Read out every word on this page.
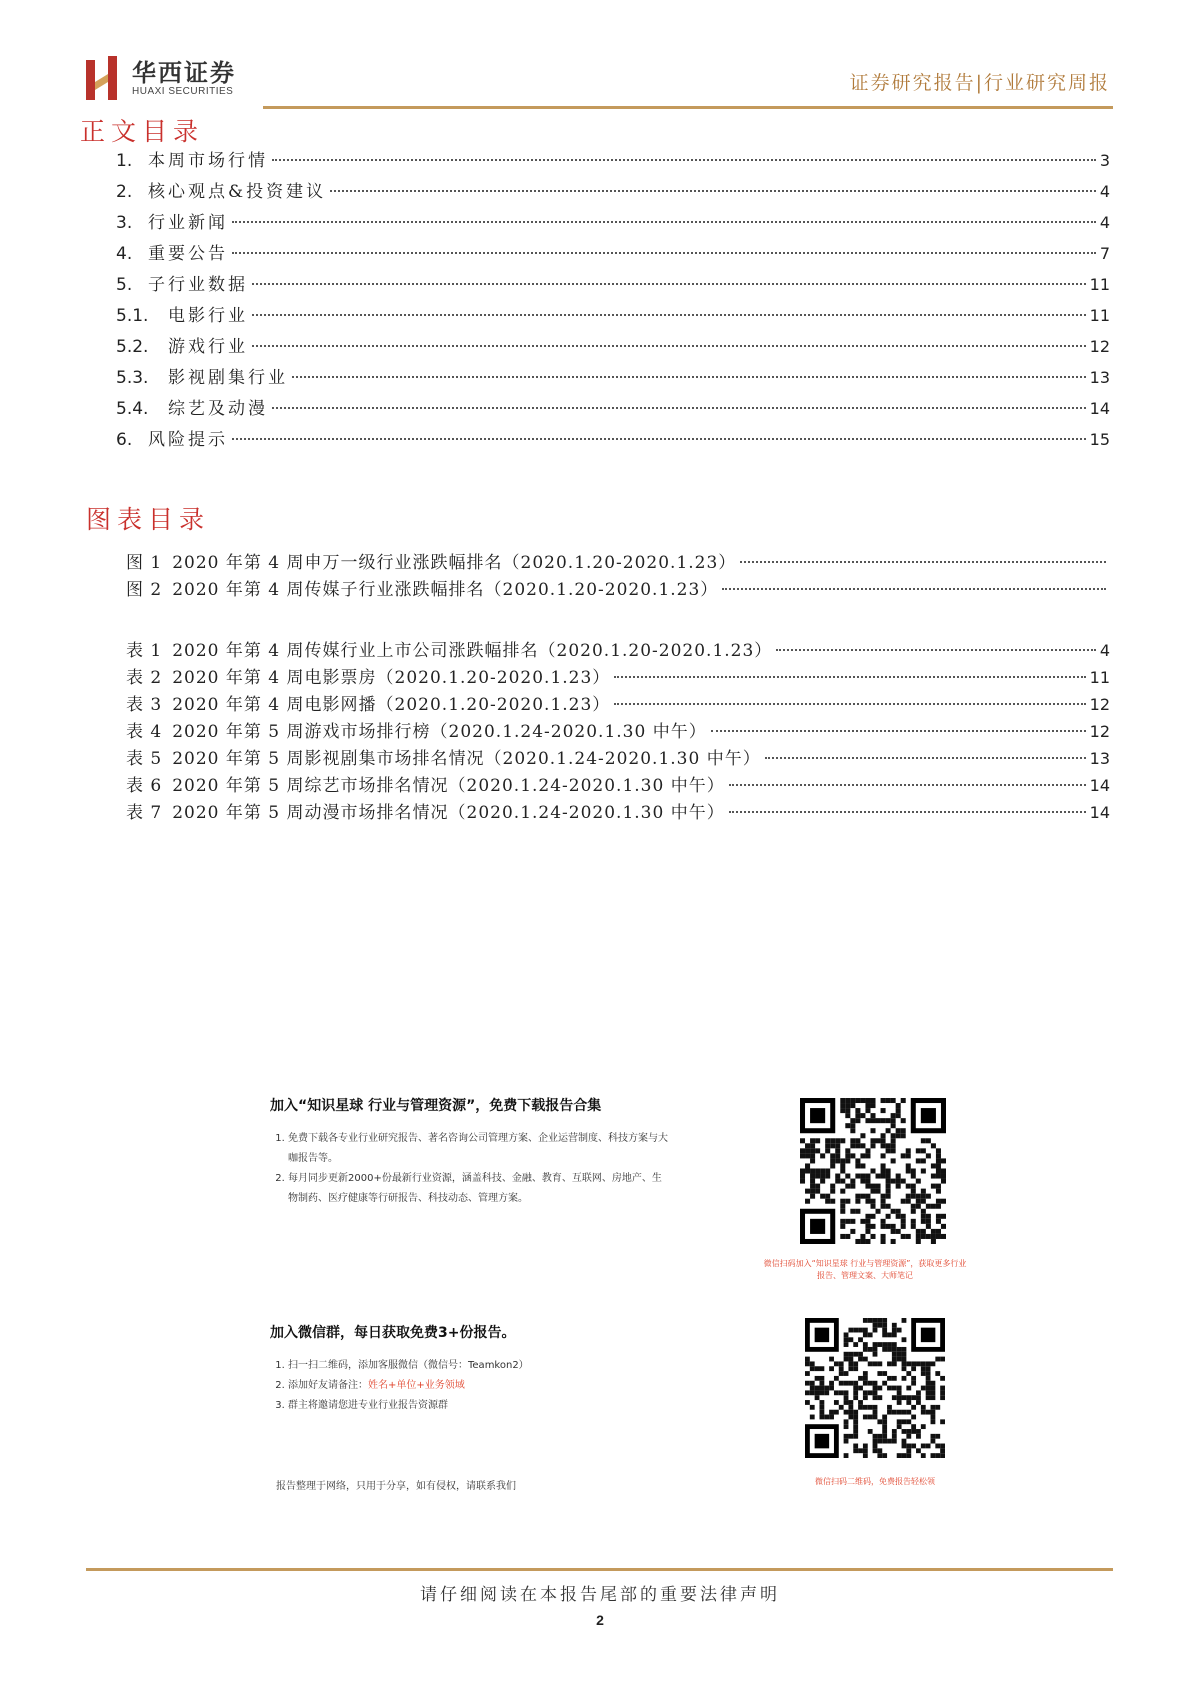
华西证券
HUAXI SECURITIES	证券研究报告|行业研究周报
正文目录
1. 本周市场行情	3
2. 核心观点&投资建议	4
3. 行业新闻	4
4. 重要公告	7
5. 子行业数据	11
5.1.	电影行业	11
5.2.	游戏行业	12
5.3.	影视剧集行业	13
5.4.	综艺及动漫	14
6. 风险提示	15
图表目录
图 1 2020 年第 4 周申万一级行业涨跌幅排名（2020.1.20-2020.1.23）
图 2 2020 年第 4 周传媒子行业涨跌幅排名（2020.1.20-2020.1.23）
表 1 2020 年第 4 周传媒行业上市公司涨跌幅排名（2020.1.20-2020.1.23）	4
表 2 2020 年第 4 周电影票房（2020.1.20-2020.1.23）	11
表 3 2020 年第 4 周电影网播（2020.1.20-2020.1.23）	12
表 4 2020 年第 5 周游戏市场排行榜（2020.1.24-2020.1.30 中午）	12
表 5 2020 年第 5 周影视剧集市场排名情况（2020.1.24-2020.1.30 中午）	13
表 6 2020 年第 5 周综艺市场排名情况（2020.1.24-2020.1.30 中午）	14
表 7 2020 年第 5 周动漫市场排名情况（2020.1.24-2020.1.30 中午）	14
加入“知识星球 行业与管理资源”，免费下载报告合集
1. 免费下载各专业行业研究报告、著名咨询公司管理方案、企业运营制度、科技方案与大咖报告等。
2. 每月同步更新2000+份最新行业资源，涵盖科技、金融、教育、互联网、房地产、生物制药、医疗健康等行研报告、科技动态、管理方案。
微信扫码加入“知识星球 行业与管理资源”，获取更多行业报告、管理文案、大师笔记
加入微信群，每日获取免费3+份报告。
1. 扫一扫二维码，添加客服微信（微信号：Teamkon2）
2. 添加好友请备注：姓名+单位+业务领域
3. 群主将邀请您进专业行业报告资源群
微信扫码二维码，免费报告轻松领
报告整理于网络，只用于分享，如有侵权，请联系我们
请仔细阅读在本报告尾部的重要法律声明
2
